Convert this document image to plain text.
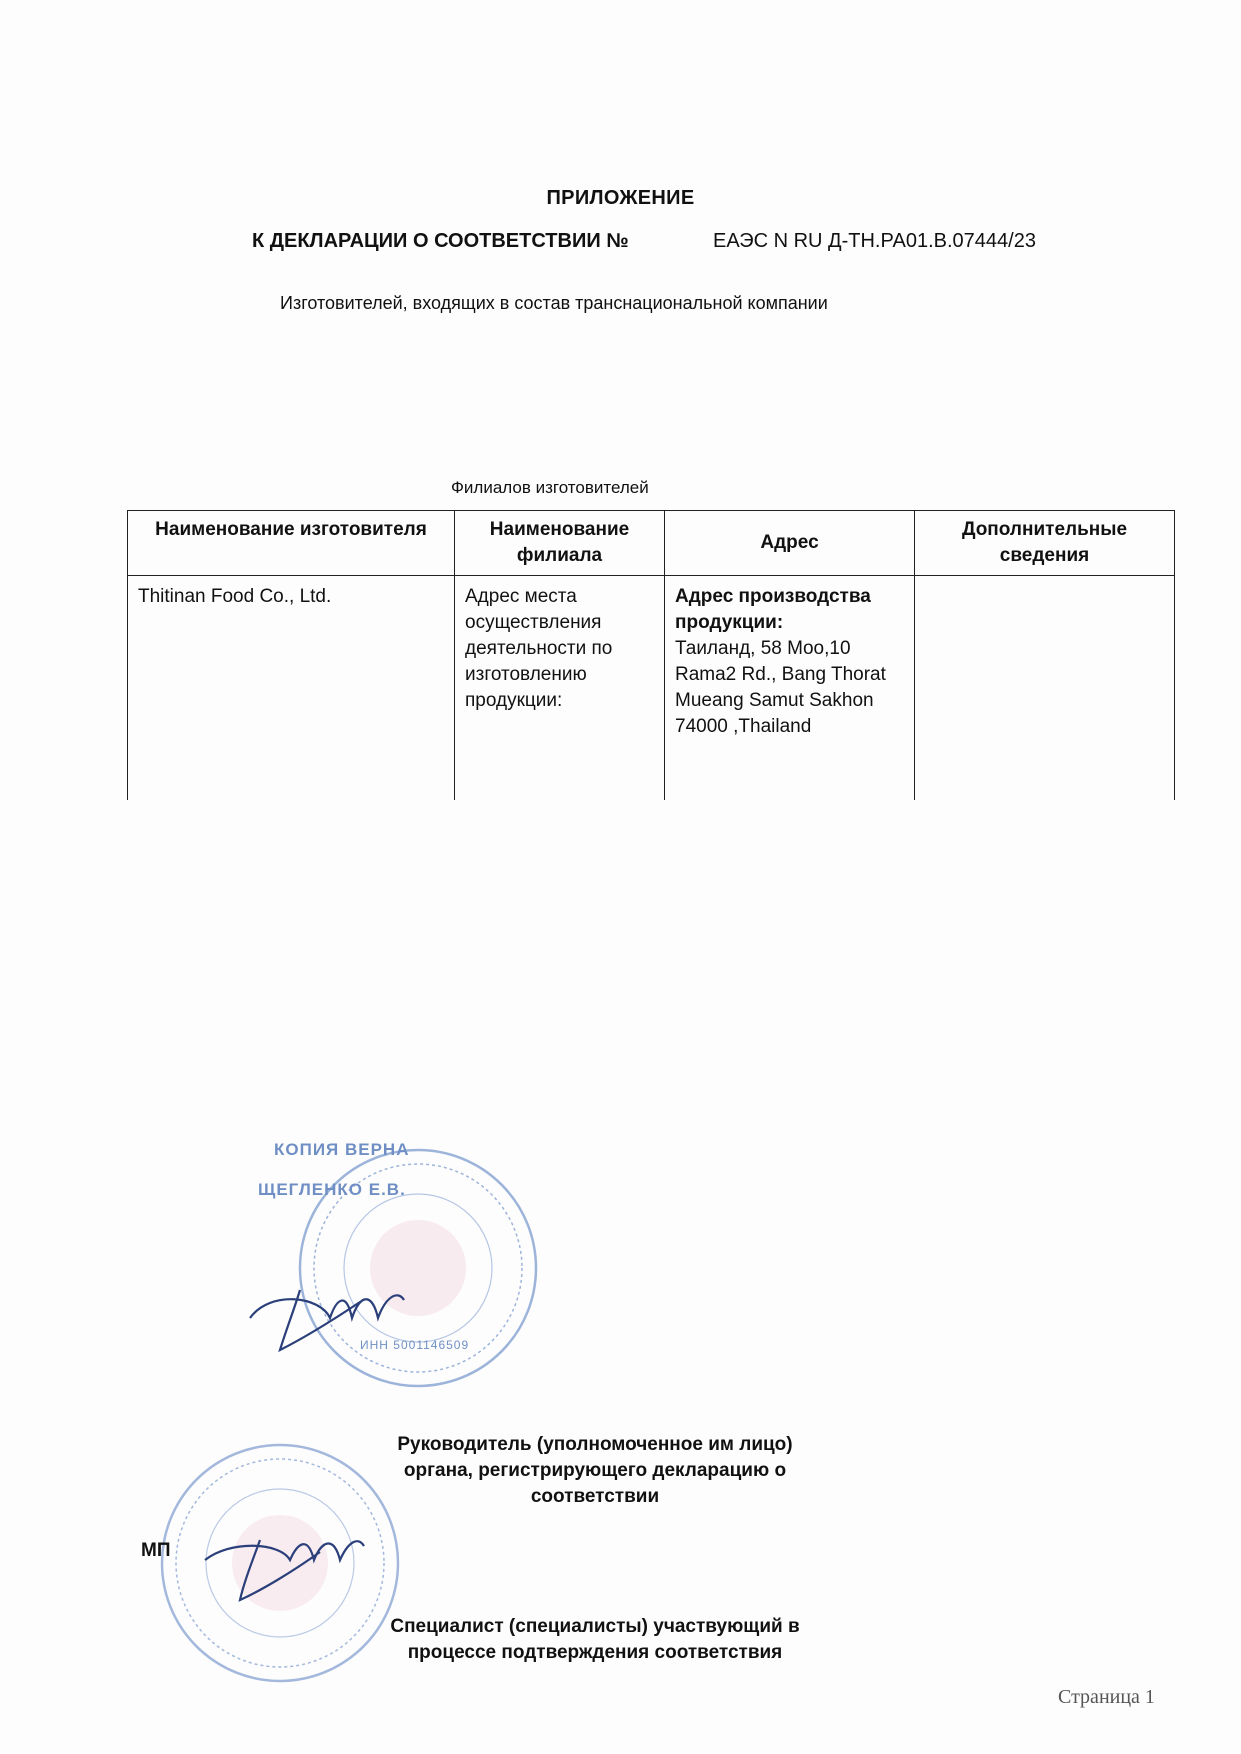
ПРИЛОЖЕНИЕ
К ДЕКЛАРАЦИИ О СООТВЕТСТВИИ №	ЕАЭС N RU Д-TH.РА01.В.07444/23
Изготовителей, входящих в состав транснациональной компании
Филиалов изготовителей
Наименование изготовителя	Наименование филиала	Адрес	Дополнительные сведения
Thitinan Food Co., Ltd.	Адрес места осуществления деятельности по изготовлению продукции:	Адрес производства продукции:
Таиланд, 58 Moo,10 Rama2 Rd., Bang Thorat Mueang Samut Sakhon 74000 ,Thailand	
КОПИЯ ВЕРНА
ЩЕГЛЕНКО Е.В.
ИНН 5001146509
Руководитель (уполномоченное им лицо)
органа, регистрирующего декларацию о
соответствии
МП
Специалист (специалисты) участвующий в
процессе подтверждения соответствия
Страница 1
